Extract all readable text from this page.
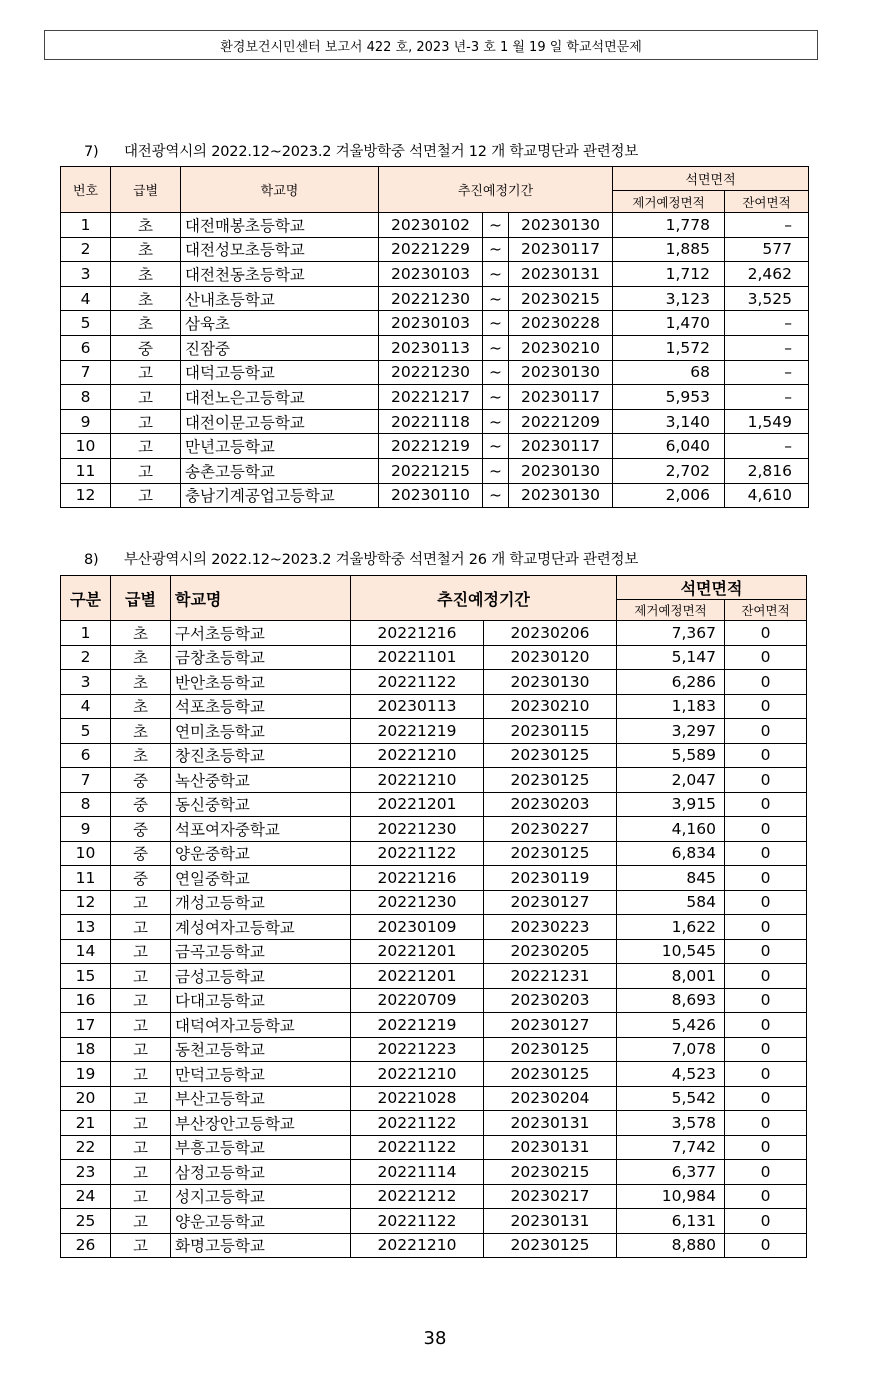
환경보건시민센터 보고서 422 호, 2023 년-3 호 1 월 19 일 학교석면문제
7) 대전광역시의 2022.12~2023.2 겨울방학중 석면철거 12 개 학교명단과 관련정보
번호	급별	학교명	추진예정기간			석면면적	
						제거예정면적	잔여면적
1	초	대전매봉초등학교	20230102	~	20230130	1,778	–
2	초	대전성모초등학교	20221229	~	20230117	1,885	577
3	초	대전천동초등학교	20230103	~	20230131	1,712	2,462
4	초	산내초등학교	20221230	~	20230215	3,123	3,525
5	초	삼육초	20230103	~	20230228	1,470	–
6	중	진잠중	20230113	~	20230210	1,572	–
7	고	대덕고등학교	20221230	~	20230130	68	–
8	고	대전노은고등학교	20221217	~	20230117	5,953	–
9	고	대전이문고등학교	20221118	~	20221209	3,140	1,549
10	고	만년고등학교	20221219	~	20230117	6,040	–
11	고	송촌고등학교	20221215	~	20230130	2,702	2,816
12	고	충남기계공업고등학교	20230110	~	20230130	2,006	4,610
8) 부산광역시의 2022.12~2023.2 겨울방학중 석면철거 26 개 학교명단과 관련정보
구분	급별	학교명	추진예정기간		석면면적	
					제거예정면적	잔여면적
1	초	구서초등학교	20221216	20230206	7,367	0
2	초	금창초등학교	20221101	20230120	5,147	0
3	초	반안초등학교	20221122	20230130	6,286	0
4	초	석포초등학교	20230113	20230210	1,183	0
5	초	연미초등학교	20221219	20230115	3,297	0
6	초	창진초등학교	20221210	20230125	5,589	0
7	중	녹산중학교	20221210	20230125	2,047	0
8	중	동신중학교	20221201	20230203	3,915	0
9	중	석포여자중학교	20221230	20230227	4,160	0
10	중	양운중학교	20221122	20230125	6,834	0
11	중	연일중학교	20221216	20230119	845	0
12	고	개성고등학교	20221230	20230127	584	0
13	고	계성여자고등학교	20230109	20230223	1,622	0
14	고	금곡고등학교	20221201	20230205	10,545	0
15	고	금성고등학교	20221201	20221231	8,001	0
16	고	다대고등학교	20220709	20230203	8,693	0
17	고	대덕여자고등학교	20221219	20230127	5,426	0
18	고	동천고등학교	20221223	20230125	7,078	0
19	고	만덕고등학교	20221210	20230125	4,523	0
20	고	부산고등학교	20221028	20230204	5,542	0
21	고	부산장안고등학교	20221122	20230131	3,578	0
22	고	부흥고등학교	20221122	20230131	7,742	0
23	고	삼정고등학교	20221114	20230215	6,377	0
24	고	성지고등학교	20221212	20230217	10,984	0
25	고	양운고등학교	20221122	20230131	6,131	0
26	고	화명고등학교	20221210	20230125	8,880	0
38
